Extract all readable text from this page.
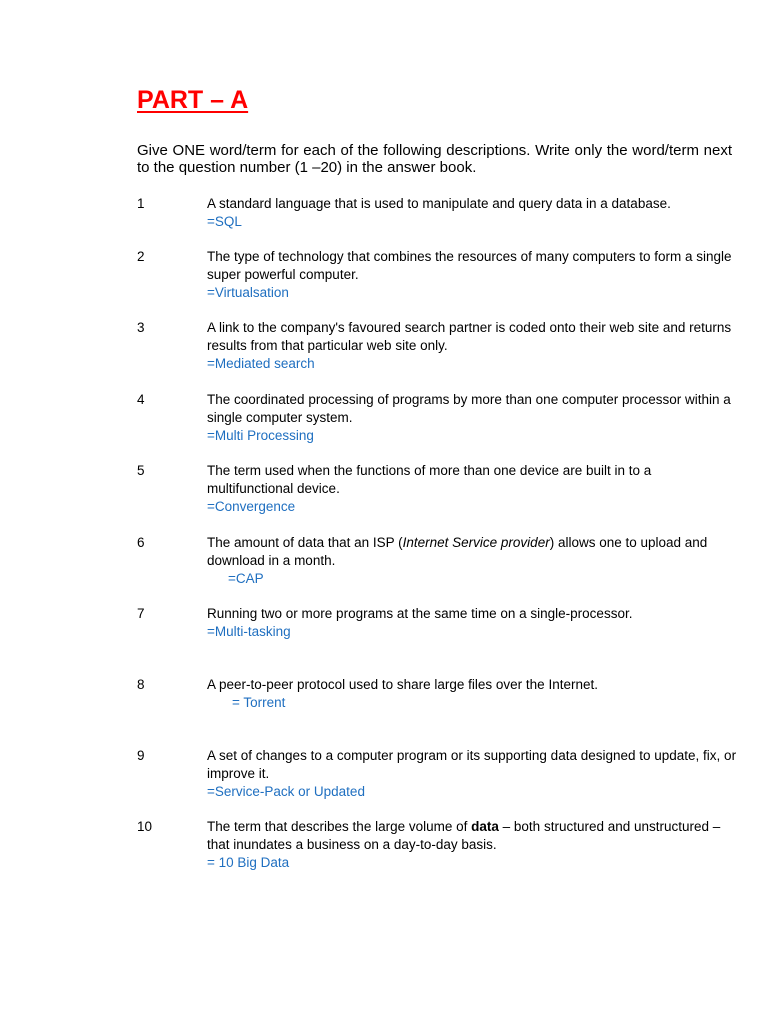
PART – A
Give ONE word/term for each of the following descriptions. Write only the word/term next to the question number (1 –20) in the answer book.
1	A standard language that is used to manipulate and query data in a database.
=SQL
2	The type of technology that combines the resources of many computers to form a single super powerful computer.
=Virtualsation
3	A link to the company's favoured search partner is coded onto their web site and returns results from that particular web site only.
=Mediated search
4	The coordinated processing of programs by more than one computer processor within a single computer system.
=Multi Processing
5	The term used when the functions of more than one device are built in to a multifunctional device.
=Convergence
6	The amount of data that an ISP (Internet Service provider) allows one to upload and download in a month.
=CAP
7	Running two or more programs at the same time on a single-processor.
=Multi-tasking
8	A peer-to-peer protocol used to share large files over the Internet.
= Torrent
9	A set of changes to a computer program or its supporting data designed to update, fix, or improve it.
=Service-Pack or Updated
10	The term that describes the large volume of data – both structured and unstructured – that inundates a business on a day-to-day basis.
= 10 Big Data
